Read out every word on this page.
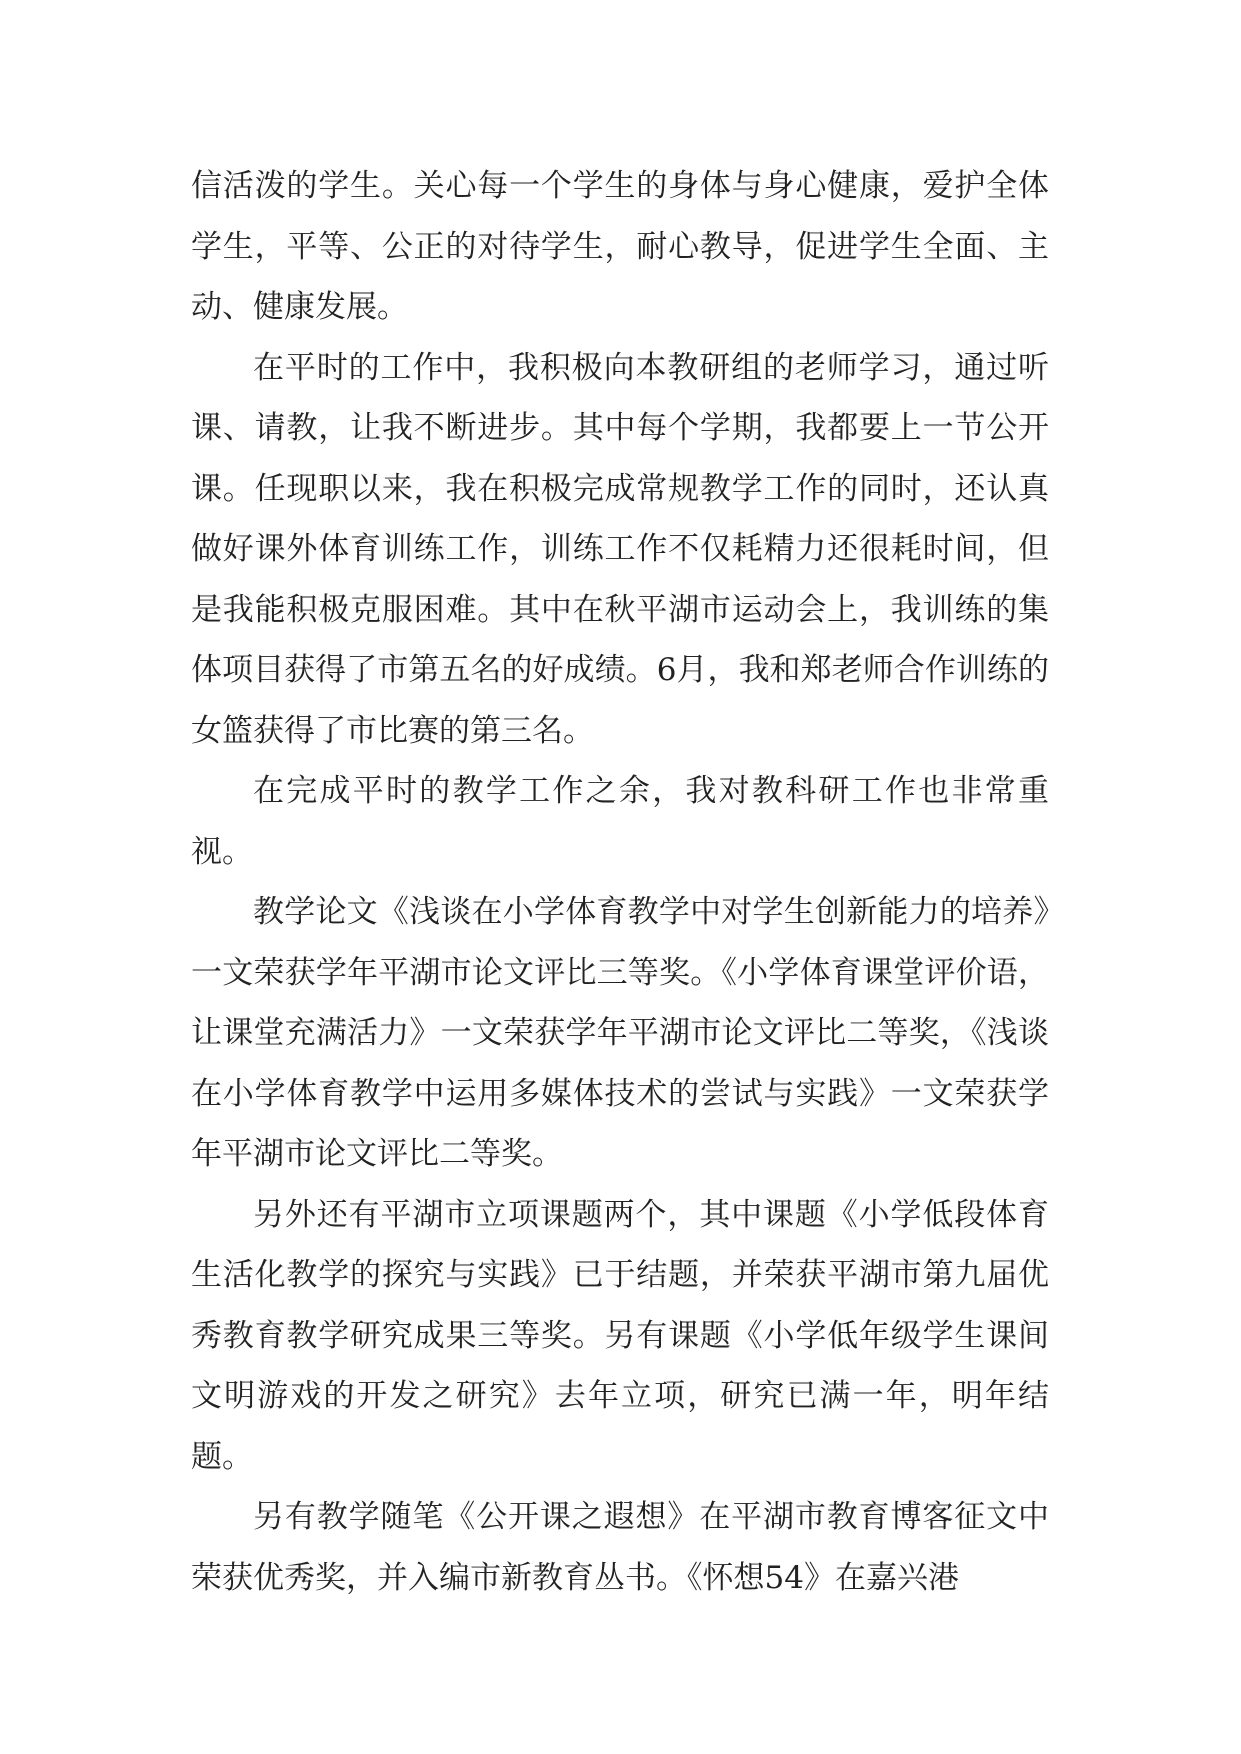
信活泼的学生。关心每一个学生的身体与身心健康，爱护全体学生，平等、公正的对待学生，耐心教导，促进学生全面、主动、健康发展。

在平时的工作中，我积极向本教研组的老师学习，通过听课、请教，让我不断进步。其中每个学期，我都要上一节公开课。任现职以来，我在积极完成常规教学工作的同时，还认真做好课外体育训练工作，训练工作不仅耗精力还很耗时间，但是我能积极克服困难。其中在秋平湖市运动会上，我训练的集体项目获得了市第五名的好成绩。6月，我和郑老师合作训练的女篮获得了市比赛的第三名。

在完成平时的教学工作之余，我对教科研工作也非常重视。

教学论文《浅谈在小学体育教学中对学生创新能力的培养》一文荣获学年平湖市论文评比三等奖。《小学体育课堂评价语，让课堂充满活力》一文荣获学年平湖市论文评比二等奖，《浅谈在小学体育教学中运用多媒体技术的尝试与实践》一文荣获学年平湖市论文评比二等奖。

另外还有平湖市立项课题两个，其中课题《小学低段体育生活化教学的探究与实践》已于结题，并荣获平湖市第九届优秀教育教学研究成果三等奖。另有课题《小学低年级学生课间文明游戏的开发之研究》去年立项，研究已满一年，明年结题。

另有教学随笔《公开课之遐想》在平湖市教育博客征文中荣获优秀奖，并入编市新教育丛书。《怀想54》在嘉兴港
